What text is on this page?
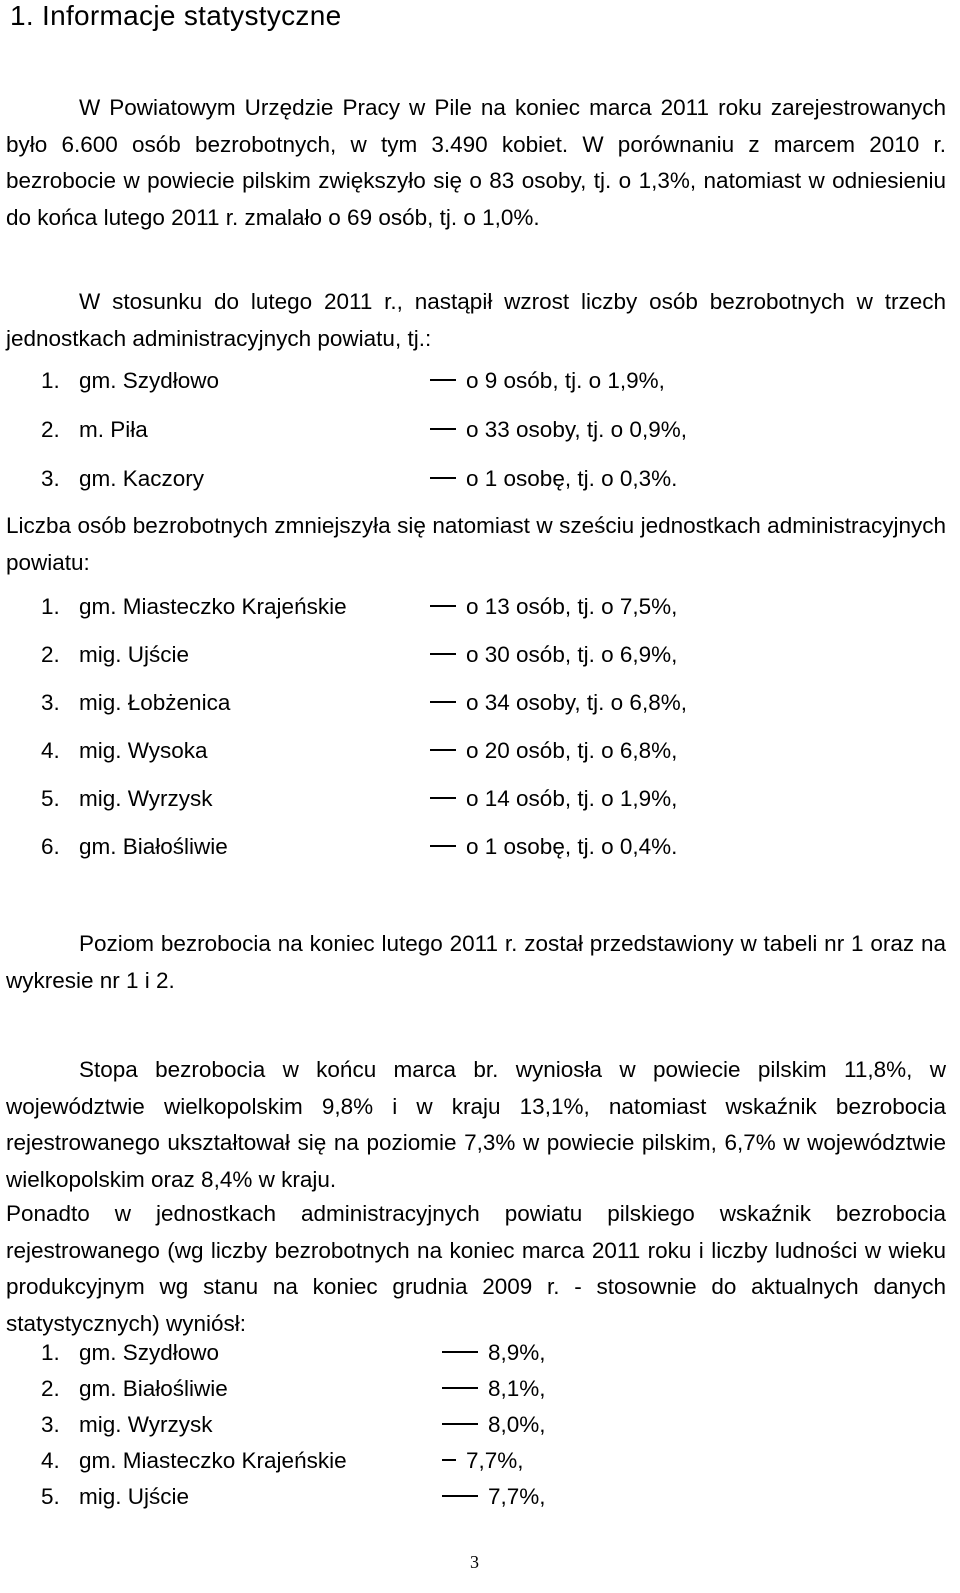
1. Informacje statystyczne

W Powiatowym Urzędzie Pracy w Pile na koniec marca 2011 roku zarejestrowanych było 6.600 osób bezrobotnych, w tym 3.490 kobiet. W porównaniu z marcem 2010 r. bezrobocie w powiecie pilskim zwiększyło się o 83 osoby, tj. o 1,3%, natomiast w odniesieniu do końca lutego 2011 r. zmalało o 69 osób, tj. o 1,0%.

W stosunku do lutego 2011 r., nastąpił wzrost liczby osób bezrobotnych w trzech jednostkach administracyjnych powiatu, tj.:

1. gm. Szydłowo	o 9 osób, tj. o 1,9%,
2. m. Piła	o 33 osoby, tj. o 0,9%,
3. gm. Kaczory	o 1 osobę, tj. o 0,3%.

Liczba osób bezrobotnych zmniejszyła się natomiast w sześciu jednostkach administracyjnych powiatu:

1. gm. Miasteczko Krajeńskie	o 13 osób, tj. o 7,5%,
2. mig. Ujście	o 30 osób, tj. o 6,9%,
3. mig. Łobżenica	o 34 osoby, tj. o 6,8%,
4. mig. Wysoka	o 20 osób, tj. o 6,8%,
5. mig. Wyrzysk	o 14 osób, tj. o 1,9%,
6. gm. Białośliwie	o 1 osobę, tj. o 0,4%.

Poziom bezrobocia na koniec lutego 2011 r. został przedstawiony w tabeli nr 1 oraz na wykresie nr 1 i 2.

Stopa bezrobocia w końcu marca br. wyniosła w powiecie pilskim 11,8%, w województwie wielkopolskim 9,8% i w kraju 13,1%, natomiast wskaźnik bezrobocia rejestrowanego ukształtował się na poziomie 7,3% w powiecie pilskim, 6,7% w województwie wielkopolskim oraz 8,4% w kraju.

Ponadto w jednostkach administracyjnych powiatu pilskiego wskaźnik bezrobocia rejestrowanego (wg liczby bezrobotnych na koniec marca 2011 roku i liczby ludności w wieku produkcyjnym wg stanu na koniec grudnia 2009 r. - stosownie do aktualnych danych statystycznych) wyniósł:

1. gm. Szydłowo	8,9%,
2. gm. Białośliwie	8,1%,
3. mig. Wyrzysk	8,0%,
4. gm. Miasteczko Krajeńskie	7,7%,
5. mig. Ujście	7,7%,
3
